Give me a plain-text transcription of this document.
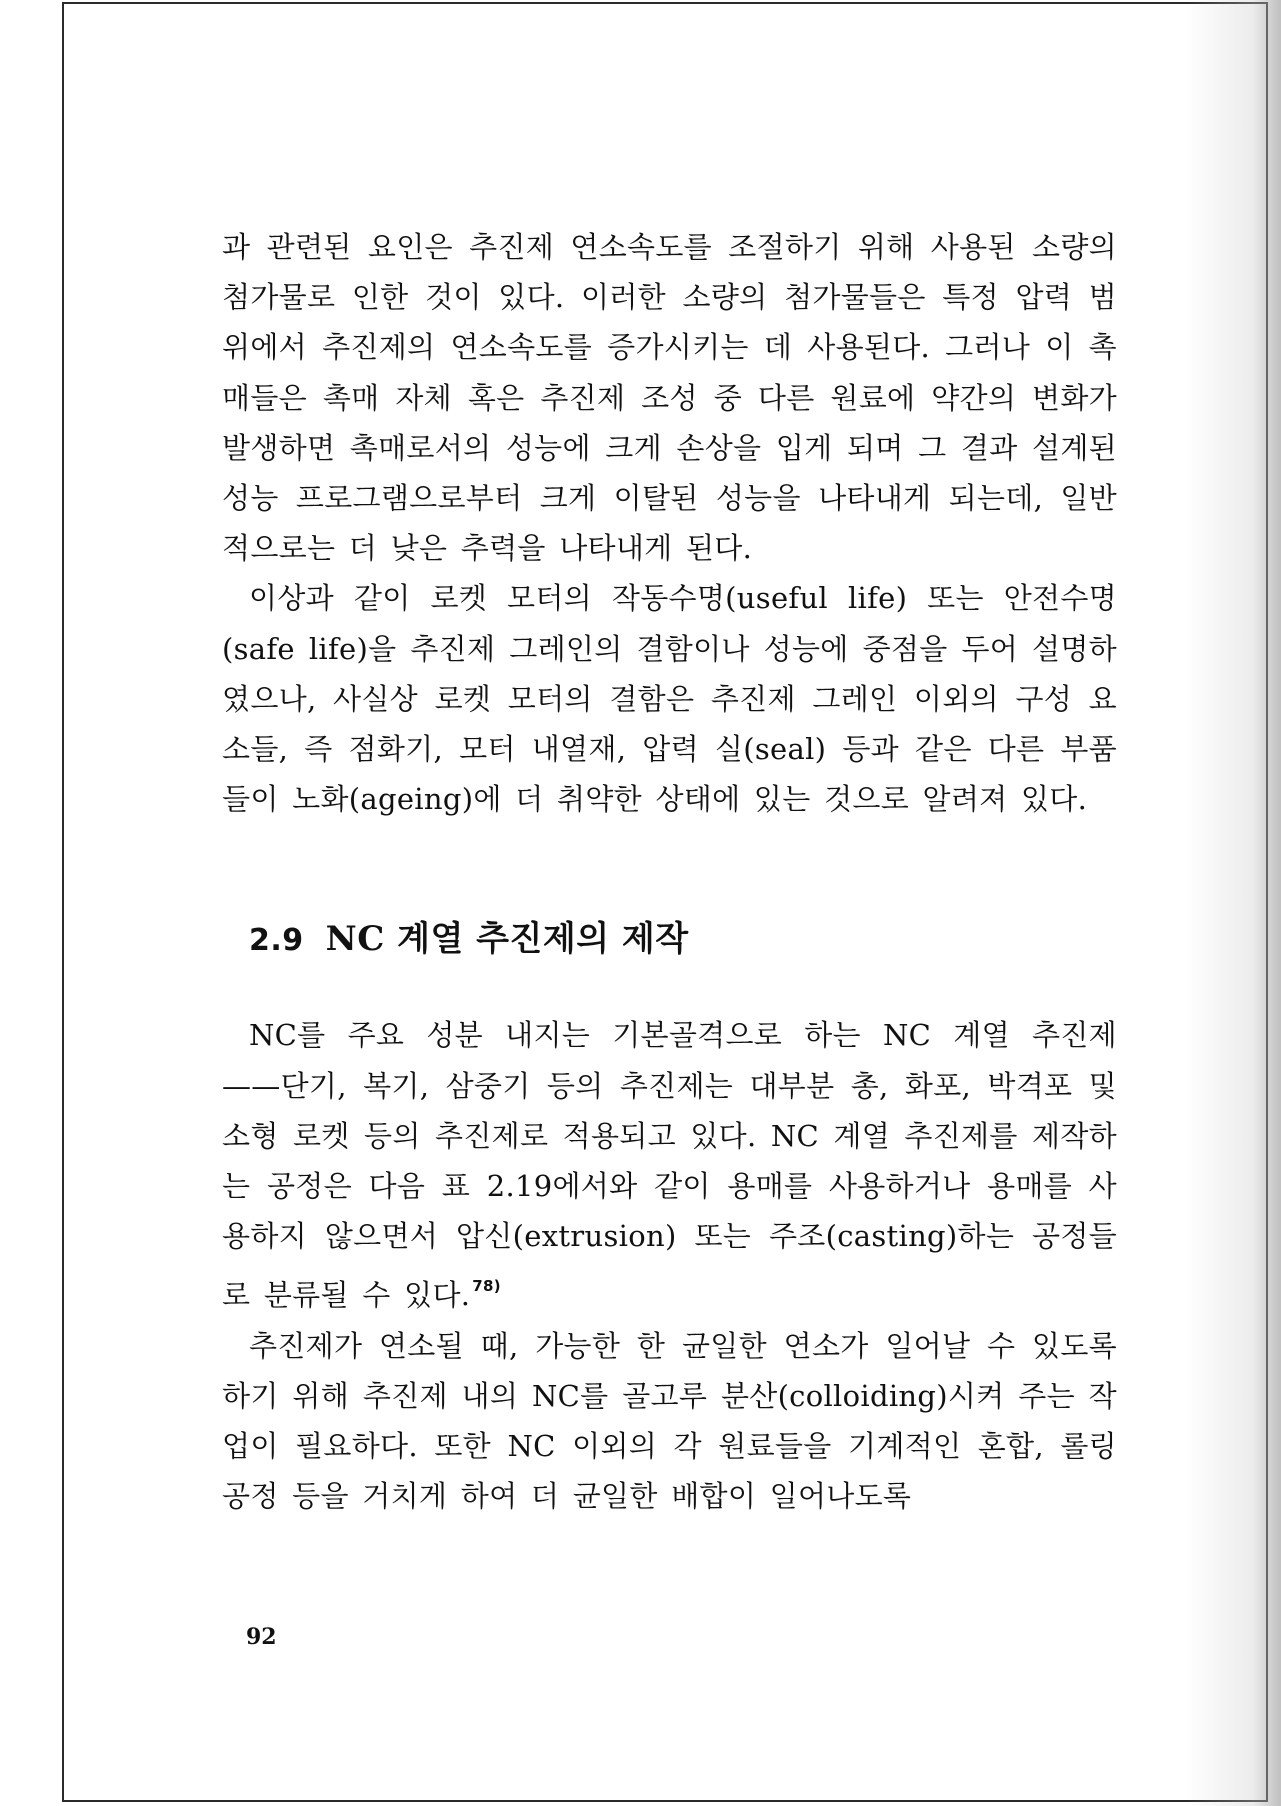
과 관련된 요인은 추진제 연소속도를 조절하기 위해 사용된 소량의 첨가물로 인한 것이 있다. 이러한 소량의 첨가물들은 특정 압력 범위에서 추진제의 연소속도를 증가시키는 데 사용된다. 그러나 이 촉매들은 촉매 자체 혹은 추진제 조성 중 다른 원료에 약간의 변화가 발생하면 촉매로서의 성능에 크게 손상을 입게 되며 그 결과 설계된 성능 프로그램으로부터 크게 이탈된 성능을 나타내게 되는데, 일반적으로는 더 낮은 추력을 나타내게 된다.

이상과 같이 로켓 모터의 작동수명(useful life) 또는 안전수명(safe life)을 추진제 그레인의 결함이나 성능에 중점을 두어 설명하였으나, 사실상 로켓 모터의 결함은 추진제 그레인 이외의 구성 요소들, 즉 점화기, 모터 내열재, 압력 실(seal) 등과 같은 다른 부품들이 노화(ageing)에 더 취약한 상태에 있는 것으로 알려져 있다.

2.9 NC 계열 추진제의 제작

NC를 주요 성분 내지는 기본골격으로 하는 NC 계열 추진제 ——단기, 복기, 삼중기 등의 추진제는 대부분 총, 화포, 박격포 및 소형 로켓 등의 추진제로 적용되고 있다. NC 계열 추진제를 제작하는 공정은 다음 표 2.19에서와 같이 용매를 사용하거나 용매를 사용하지 않으면서 압신(extrusion) 또는 주조(casting)하는 공정들로 분류될 수 있다. $^{78)}$

추진제가 연소될 때, 가능한 한 균일한 연소가 일어날 수 있도록 하기 위해 추진제 내의 NC를 골고루 분산(colloiding)시켜 주는 작업이 필요하다. 또한 NC 이외의 각 원료들을 기계적인 혼합, 롤링 공정 등을 거치게 하여 더 균일한 배합이 일어나도록

92
